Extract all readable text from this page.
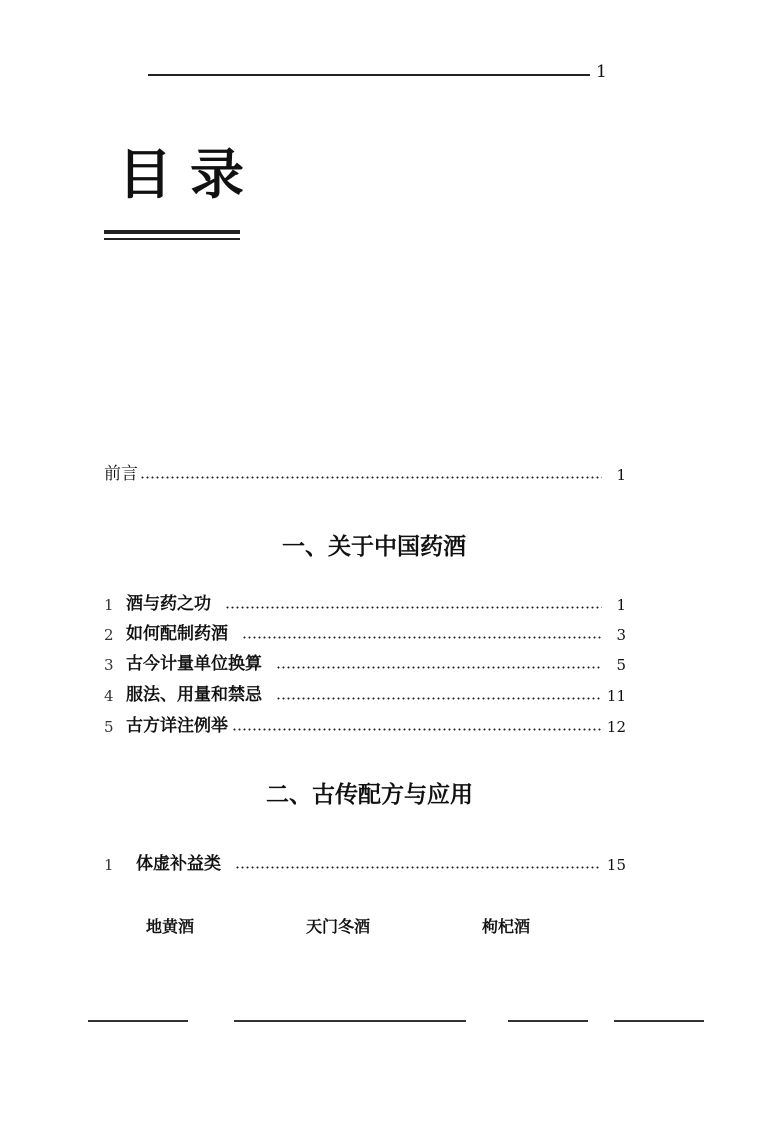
1
目录
前言	1
一、关于中国药酒
1 酒与药之功	1
2 如何配制药酒	3
3 古今计量单位换算	5
4 服法、用量和禁忌	11
5 古方详注例举	12
二、古传配方与应用
1	体虚补益类	15
地黄酒	天门冬酒	枸杞酒
